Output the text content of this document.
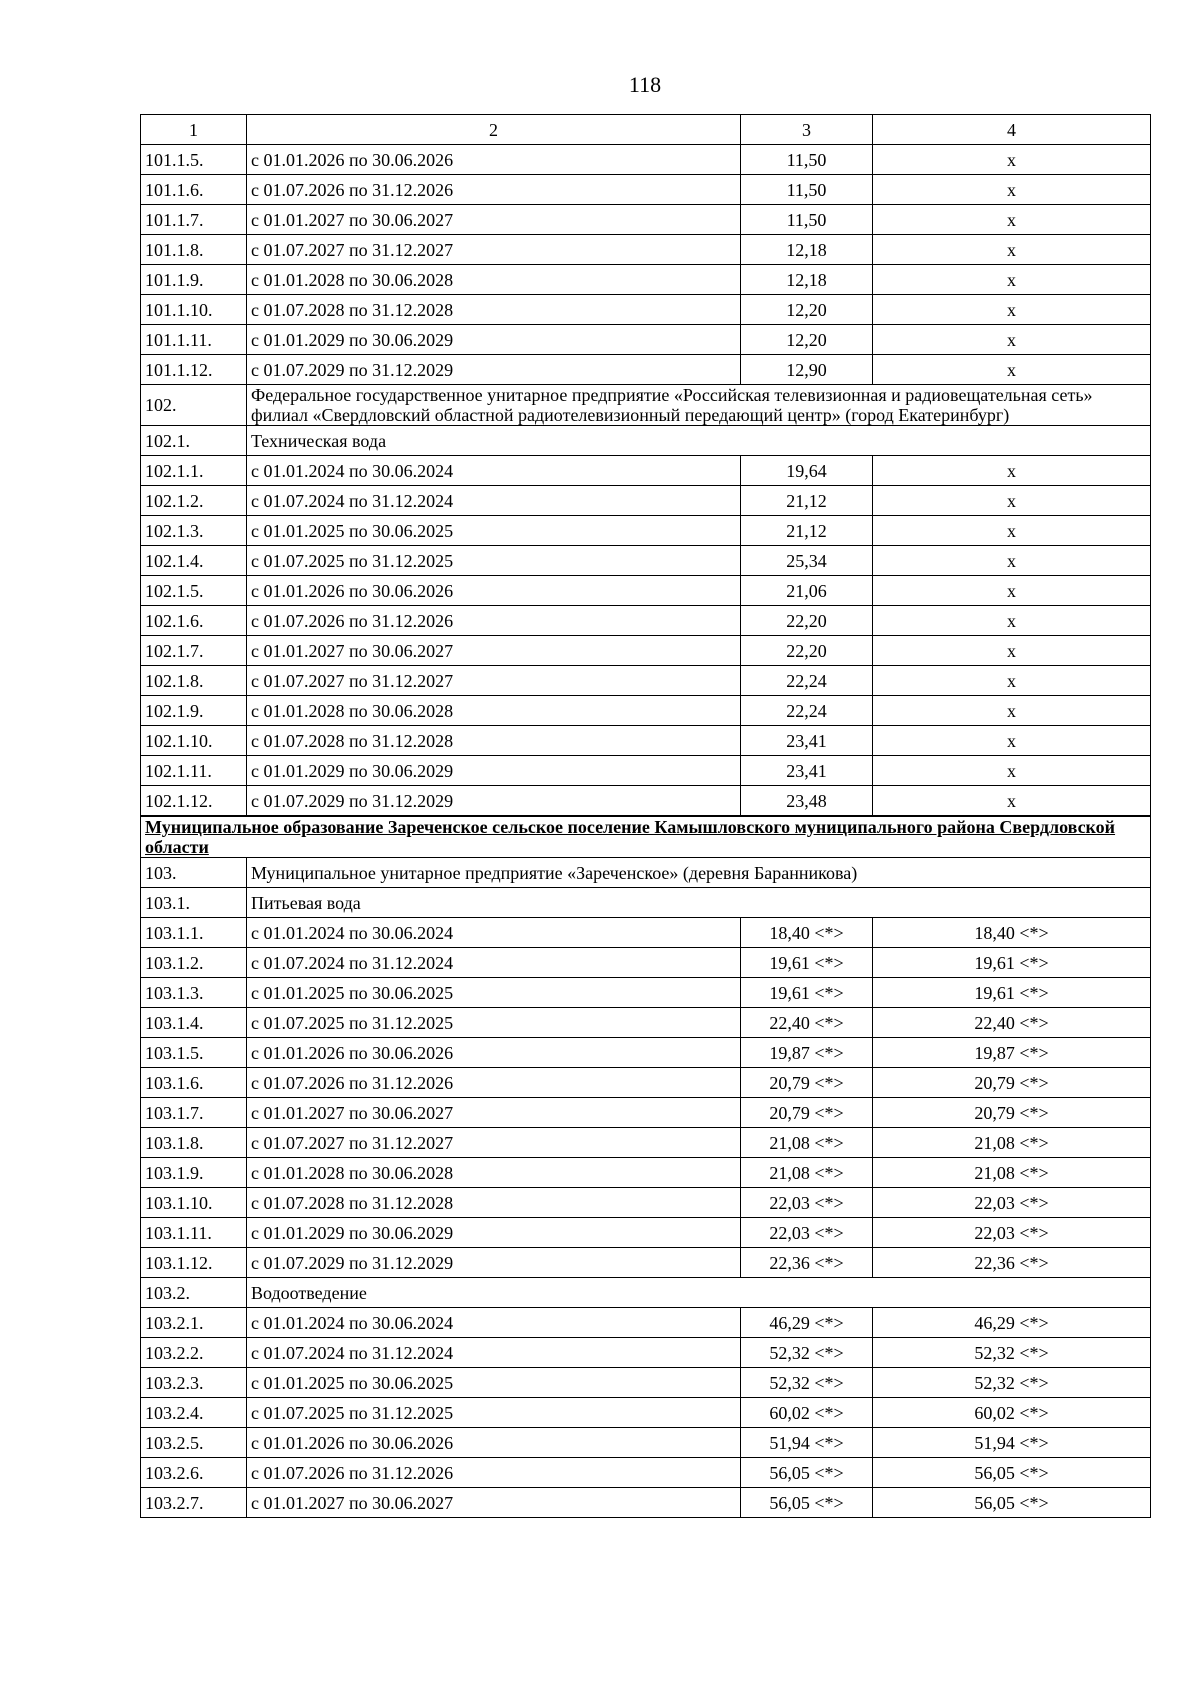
118
1	2	3	4
101.1.5.	с 01.01.2026 по 30.06.2026	11,50	х
101.1.6.	с 01.07.2026 по 31.12.2026	11,50	х
101.1.7.	с 01.01.2027 по 30.06.2027	11,50	х
101.1.8.	с 01.07.2027 по 31.12.2027	12,18	х
101.1.9.	с 01.01.2028 по 30.06.2028	12,18	х
101.1.10.	с 01.07.2028 по 31.12.2028	12,20	х
101.1.11.	с 01.01.2029 по 30.06.2029	12,20	х
101.1.12.	с 01.07.2029 по 31.12.2029	12,90	х
102.	Федеральное государственное унитарное предприятие «Российская телевизионная и радиовещательная сеть» филиал «Свердловский областной радиотелевизионный передающий центр» (город Екатеринбург)		
102.1.	Техническая вода		
102.1.1.	с 01.01.2024 по 30.06.2024	19,64	х
102.1.2.	с 01.07.2024 по 31.12.2024	21,12	х
102.1.3.	с 01.01.2025 по 30.06.2025	21,12	х
102.1.4.	с 01.07.2025 по 31.12.2025	25,34	х
102.1.5.	с 01.01.2026 по 30.06.2026	21,06	х
102.1.6.	с 01.07.2026 по 31.12.2026	22,20	х
102.1.7.	с 01.01.2027 по 30.06.2027	22,20	х
102.1.8.	с 01.07.2027 по 31.12.2027	22,24	х
102.1.9.	с 01.01.2028 по 30.06.2028	22,24	х
102.1.10.	с 01.07.2028 по 31.12.2028	23,41	х
102.1.11.	с 01.01.2029 по 30.06.2029	23,41	х
102.1.12.	с 01.07.2029 по 31.12.2029	23,48	х
Муниципальное образование Зареченское сельское поселение Камышловского муниципального района Свердловской области			
103.	Муниципальное унитарное предприятие «Зареченское» (деревня Баранникова)		
103.1.	Питьевая вода		
103.1.1.	с 01.01.2024 по 30.06.2024	18,40 <*>	18,40 <*>
103.1.2.	с 01.07.2024 по 31.12.2024	19,61 <*>	19,61 <*>
103.1.3.	с 01.01.2025 по 30.06.2025	19,61 <*>	19,61 <*>
103.1.4.	с 01.07.2025 по 31.12.2025	22,40 <*>	22,40 <*>
103.1.5.	с 01.01.2026 по 30.06.2026	19,87 <*>	19,87 <*>
103.1.6.	с 01.07.2026 по 31.12.2026	20,79 <*>	20,79 <*>
103.1.7.	с 01.01.2027 по 30.06.2027	20,79 <*>	20,79 <*>
103.1.8.	с 01.07.2027 по 31.12.2027	21,08 <*>	21,08 <*>
103.1.9.	с 01.01.2028 по 30.06.2028	21,08 <*>	21,08 <*>
103.1.10.	с 01.07.2028 по 31.12.2028	22,03 <*>	22,03 <*>
103.1.11.	с 01.01.2029 по 30.06.2029	22,03 <*>	22,03 <*>
103.1.12.	с 01.07.2029 по 31.12.2029	22,36 <*>	22,36 <*>
103.2.	Водоотведение		
103.2.1.	с 01.01.2024 по 30.06.2024	46,29 <*>	46,29 <*>
103.2.2.	с 01.07.2024 по 31.12.2024	52,32 <*>	52,32 <*>
103.2.3.	с 01.01.2025 по 30.06.2025	52,32 <*>	52,32 <*>
103.2.4.	с 01.07.2025 по 31.12.2025	60,02 <*>	60,02 <*>
103.2.5.	с 01.01.2026 по 30.06.2026	51,94 <*>	51,94 <*>
103.2.6.	с 01.07.2026 по 31.12.2026	56,05 <*>	56,05 <*>
103.2.7.	с 01.01.2027 по 30.06.2027	56,05 <*>	56,05 <*>
